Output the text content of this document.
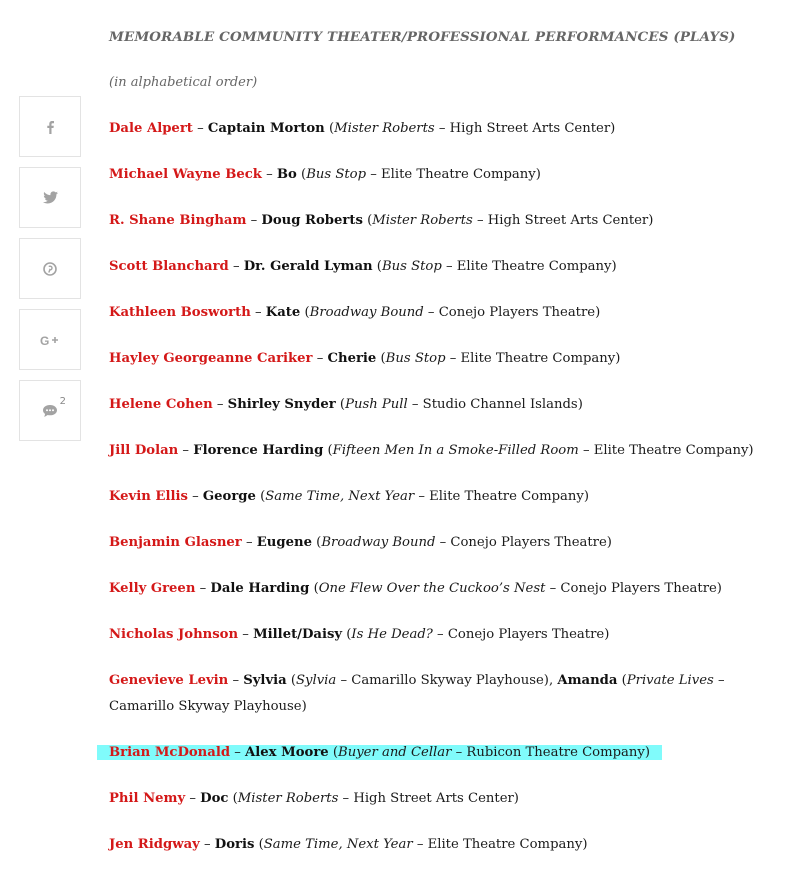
G
2
MEMORABLE COMMUNITY THEATER/PROFESSIONAL PERFORMANCES (PLAYS)

(in alphabetical order)

Dale Alpert – Captain Morton (Mister Roberts – High Street Arts Center)
Michael Wayne Beck – Bo (Bus Stop – Elite Theatre Company)
R. Shane Bingham – Doug Roberts (Mister Roberts – High Street Arts Center)
Scott Blanchard – Dr. Gerald Lyman (Bus Stop – Elite Theatre Company)
Kathleen Bosworth – Kate (Broadway Bound – Conejo Players Theatre)
Hayley Georgeanne Cariker – Cherie (Bus Stop – Elite Theatre Company)
Helene Cohen – Shirley Snyder (Push Pull – Studio Channel Islands)
Jill Dolan – Florence Harding (Fifteen Men In a Smoke-Filled Room – Elite Theatre Company)
Kevin Ellis – George (Same Time, Next Year – Elite Theatre Company)
Benjamin Glasner – Eugene (Broadway Bound – Conejo Players Theatre)
Kelly Green – Dale Harding (One Flew Over the Cuckoo’s Nest – Conejo Players Theatre)
Nicholas Johnson – Millet/Daisy (Is He Dead? – Conejo Players Theatre)
Genevieve Levin – Sylvia (Sylvia – Camarillo Skyway Playhouse), Amanda (Private Lives – Camarillo Skyway Playhouse)
Brian McDonald – Alex Moore (Buyer and Cellar – Rubicon Theatre Company)
Phil Nemy – Doc (Mister Roberts – High Street Arts Center)
Jen Ridgway – Doris (Same Time, Next Year – Elite Theatre Company)
